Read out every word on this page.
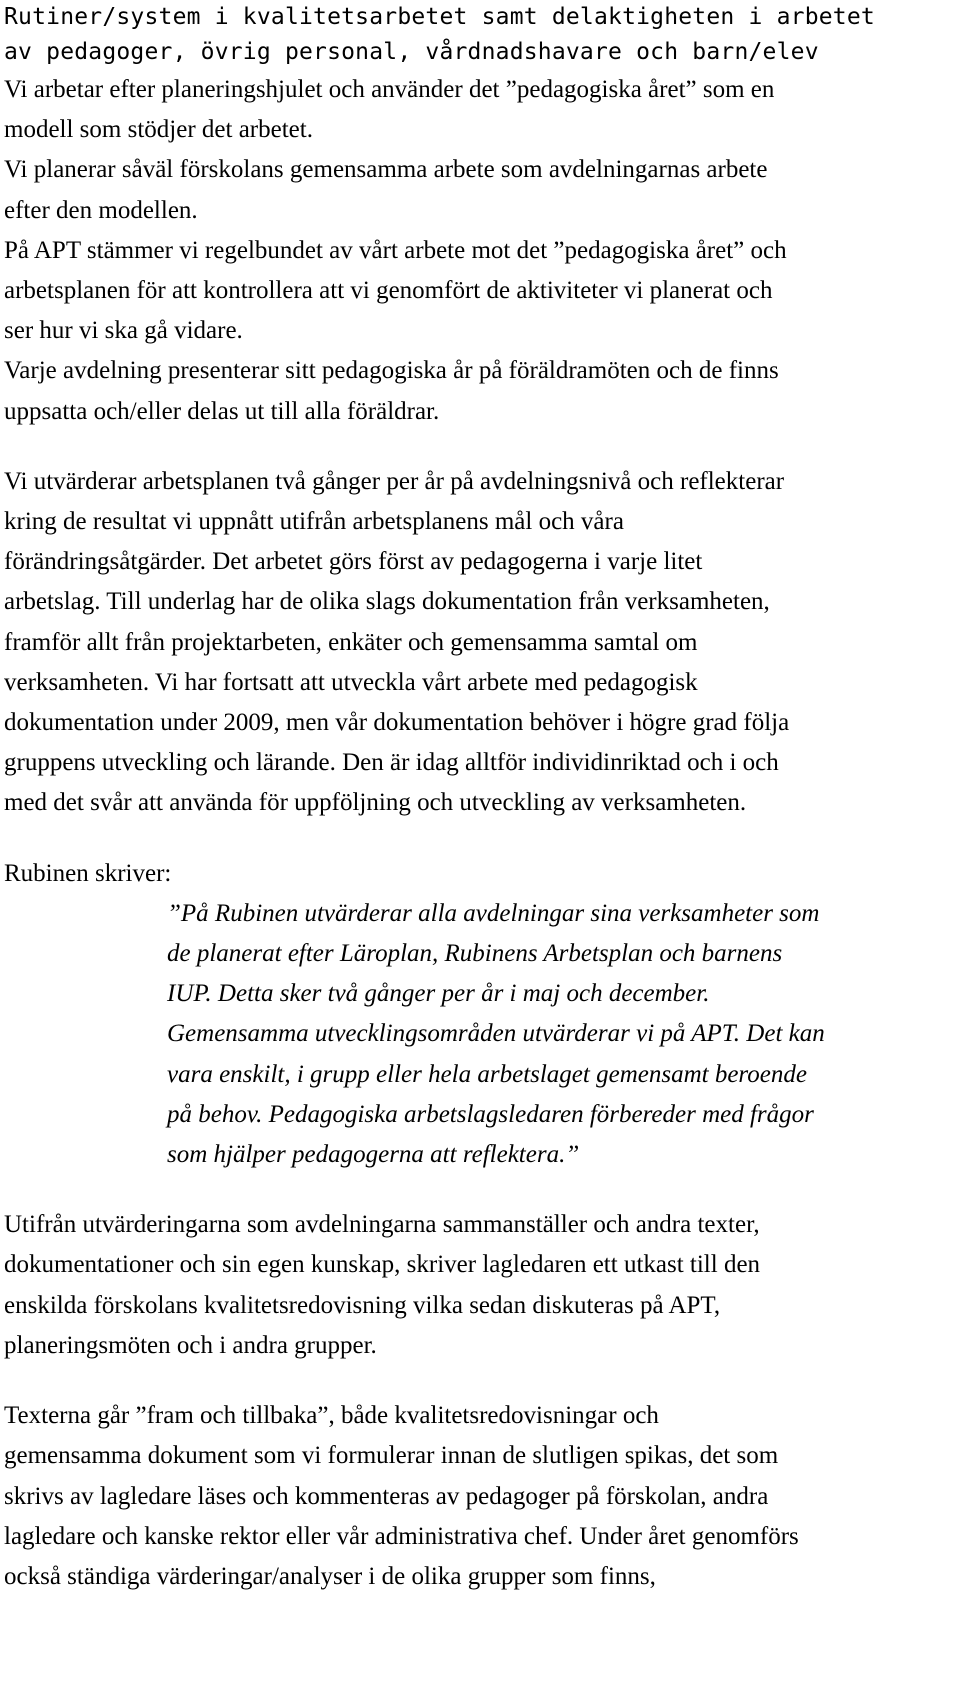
Rutiner/system i kvalitetsarbetet samt delaktigheten i arbetet
av pedagoger, övrig personal, vårdnadshavare och barn/elev

Vi arbetar efter planeringshjulet och använder det ”pedagogiska året” som en
modell som stödjer det arbetet.
Vi planerar såväl förskolans gemensamma arbete som avdelningarnas arbete
efter den modellen.
På APT stämmer vi regelbundet av vårt arbete mot det ”pedagogiska året” och
arbetsplanen för att kontrollera att vi genomfört de aktiviteter vi planerat och
ser hur vi ska gå vidare.
Varje avdelning presenterar sitt pedagogiska år på föräldramöten och de finns
uppsatta och/eller delas ut till alla föräldrar.

Vi utvärderar arbetsplanen två gånger per år på avdelningsnivå och reflekterar
kring de resultat vi uppnått utifrån arbetsplanens mål och våra
förändringsåtgärder. Det arbetet görs först av pedagogerna i varje litet
arbetslag. Till underlag har de olika slags dokumentation från verksamheten,
framför allt från projektarbeten, enkäter och gemensamma samtal om
verksamheten. Vi har fortsatt att utveckla vårt arbete med pedagogisk
dokumentation under 2009, men vår dokumentation behöver i högre grad följa
gruppens utveckling och lärande. Den är idag alltför individinriktad och i och
med det svår att använda för uppföljning och utveckling av verksamheten.

Rubinen skriver:

”På Rubinen utvärderar alla avdelningar sina verksamheter som
de planerat efter Läroplan, Rubinens Arbetsplan och barnens
IUP. Detta sker två gånger per år i maj och december.
Gemensamma utvecklingsområden utvärderar vi på APT. Det kan
vara enskilt, i grupp eller hela arbetslaget gemensamt beroende
på behov. Pedagogiska arbetslagsledaren förbereder med frågor
som hjälper pedagogerna att reflektera.”

Utifrån utvärderingarna som avdelningarna sammanställer och andra texter,
dokumentationer och sin egen kunskap, skriver lagledaren ett utkast till den
enskilda förskolans kvalitetsredovisning vilka sedan diskuteras på APT,
planeringsmöten och i andra grupper.

Texterna går ”fram och tillbaka”, både kvalitetsredovisningar och
gemensamma dokument som vi formulerar innan de slutligen spikas, det som
skrivs av lagledare läses och kommenteras av pedagoger på förskolan, andra
lagledare och kanske rektor eller vår administrativa chef. Under året genomförs
också ständiga värderingar/analyser i de olika grupper som finns,
